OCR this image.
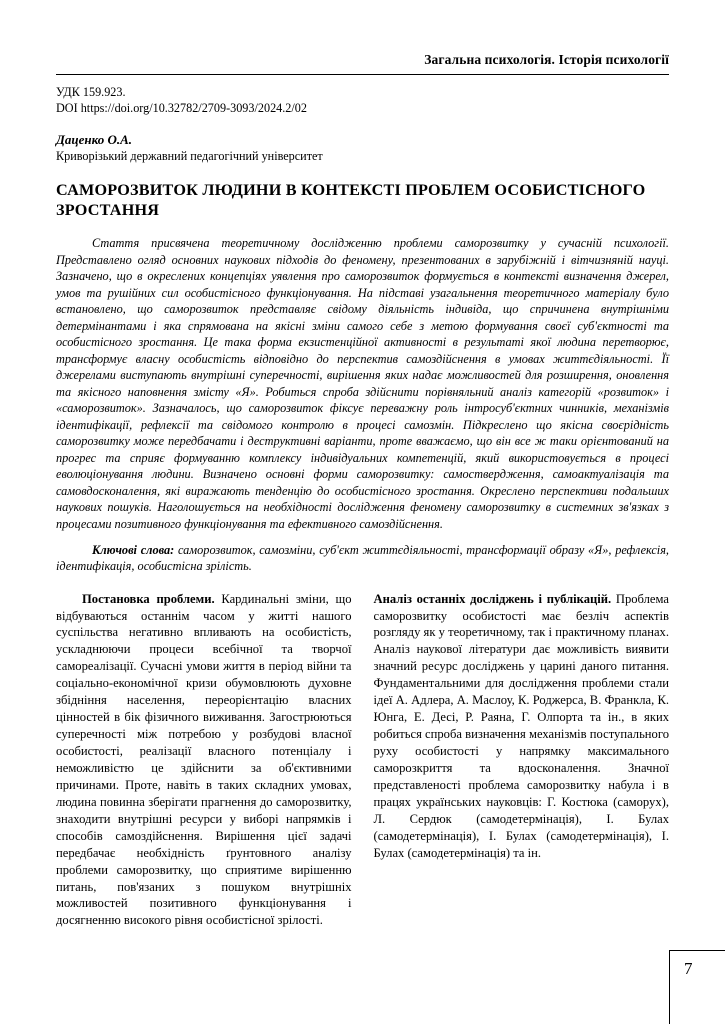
Загальна психологія. Історія психології
УДК 159.923.
DOI https://doi.org/10.32782/2709-3093/2024.2/02
Даценко О.А.
Криворізький державний педагогічний університет
САМОРОЗВИТОК ЛЮДИНИ В КОНТЕКСТІ ПРОБЛЕМ ОСОБИСТІСНОГО ЗРОСТАННЯ
Стаття присвячена теоретичному дослідженню проблеми саморозвитку у сучасній психології. Представлено огляд основних наукових підходів до феномену, презентованих в зарубіжній і вітчизняній науці. Зазначено, що в окреслених концепціях уявлення про саморозвиток формується в контексті визначення джерел, умов та рушійних сил особистісного функціонування. На підставі узагальнення теоретичного матеріалу було встановлено, що саморозвиток представляє свідому діяльність індивіда, що спричинена внутрішніми детермінантами і яка спрямована на якісні зміни самого себе з метою формування своєї суб'єктності та особистісного зростання. Це така форма екзистенційної активності в результаті якої людина перетворює, трансформує власну особистість відповідно до перспектив самоздійснення в умовах життєдіяльності. Її джерелами виступають внутрішні суперечності, вирішення яких надає можливостей для розширення, оновлення та якісного наповнення змісту «Я». Робиться спроба здійснити порівняльний аналіз категорій «розвиток» і «саморозвиток». Зазначалось, що саморозвиток фіксує переважну роль інтросуб'єктних чинників, механізмів ідентифікації, рефлексії та свідомого контролю в процесі самозмін. Підкреслено що якісна своєрідність саморозвитку може передбачати і деструктивні варіанти, проте вважаємо, що він все ж таки орієнтований на прогрес та сприяє формуванню комплексу індивідуальних компетенцій, який використовується в процесі еволюціонування людини. Визначено основні форми саморозвитку: самоствердження, самоактуалізація та самовдосконалення, які виражають тенденцію до особистісного зростання. Окреслено перспективи подальших наукових пошуків. Наголошується на необхідності дослідження феномену саморозвитку в системних зв'язках з процесами позитивного функціонування та ефективного самоздійснення.
Ключові слова: саморозвиток, самозміни, суб'єкт життєдіяльності, трансформації образу «Я», рефлексія, ідентифікація, особистісна зрілість.

Постановка проблеми. Кардинальні зміни, що відбуваються останнім часом у житті нашого суспільства негативно впливають на особистість, ускладнюючи процеси всебічної та творчої самореалізації. Сучасні умови життя в період війни та соціально-економічної кризи обумовлюють духовне збідніння населення, переорієнтацію власних цінностей в бік фізичного виживання. Загострюються суперечності між потребою у розбудові власної особистості, реалізації власного потенціалу і неможливістю це здійснити за об'єктивними причинами. Проте, навіть в таких складних умовах, людина повинна зберігати прагнення до саморозвитку, знаходити внутрішні ресурси у виборі напрямків і способів самоздійснення. Вирішення цієї задачі передбачає необхідність ґрунтовного аналізу проблеми саморозвитку, що сприятиме вирішенню питань, пов'язаних з пошуком внутрішніх можливостей позитивного функціонування і досягненню високого рівня особистісної зрілості.

Аналіз останніх досліджень і публікацій. Проблема саморозвитку особистості має безліч аспектів розгляду як у теоретичному, так і практичному планах. Аналіз наукової літератури дає можливість виявити значний ресурс досліджень у царині даного питання. Фундаментальними для дослідження проблеми стали ідеї А. Адлера, А. Маслоу, К. Роджерса, В. Франкла, К. Юнга, Е. Десі, Р. Раяна, Г. Олпорта та ін., в яких робиться спроба визначення механізмів поступального руху особистості у напрямку максимального саморозкриття та вдосконалення. Значної представленості проблема саморозвитку набула і в працях українських науковців: Г. Костюка (саморух), Л. Сердюк (самодетермінація), І. Булах (самодетермінація), І. Булах (самодетермінація), І. Булах (самодетермінація) та ін.

7
